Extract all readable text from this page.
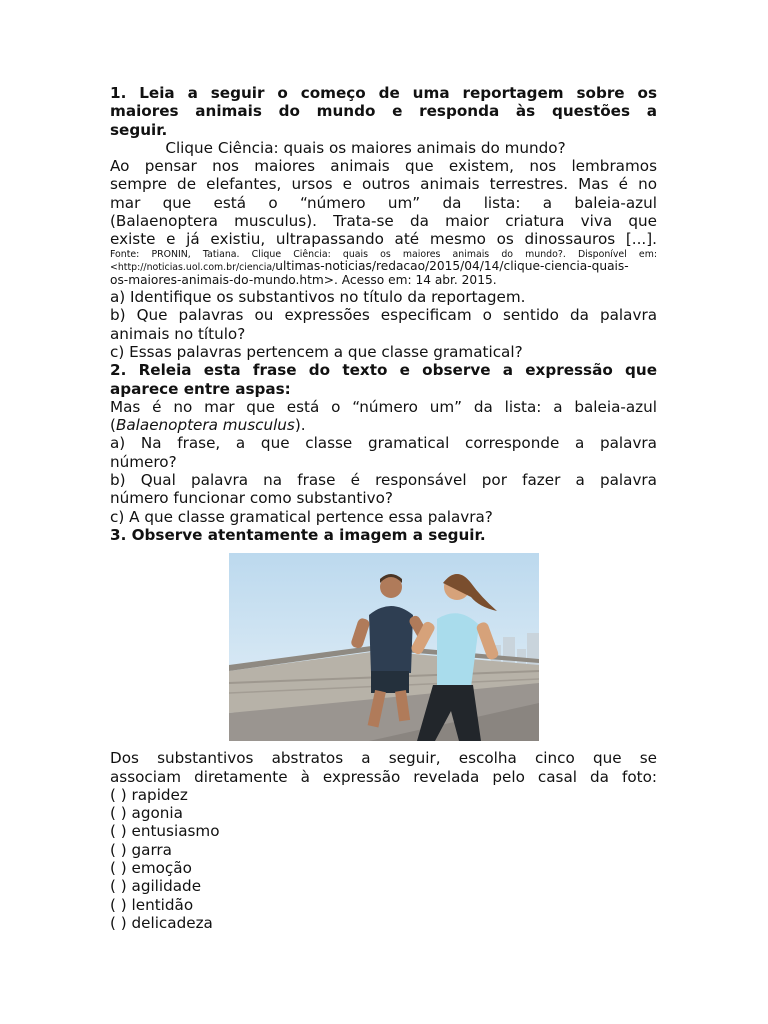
1. Leia a seguir o começo de uma reportagem sobre os

maiores animais do mundo e responda às questões a

seguir.

Clique Ciência: quais os maiores animais do mundo?

Ao pensar nos maiores animais que existem, nos lembramos

sempre de elefantes, ursos e outros animais terrestres. Mas é no

mar que está o “número um” da lista: a baleia-azul

(Balaenoptera musculus). Trata-se da maior criatura viva que

existe e já existiu, ultrapassando até mesmo os dinossauros [...].

Fonte: PRONIN, Tatiana. Clique Ciência: quais os maiores animais do mundo?. Disponível em:

<http://noticias.uol.com.br/ciencia/ultimas-noticias/redacao/2015/04/14/clique-ciencia-quais-

os-maiores-animais-do-mundo.htm>. Acesso em: 14 abr. 2015.

a) Identifique os substantivos no título da reportagem.

b) Que palavras ou expressões especificam o sentido da palavra

animais no título?

c) Essas palavras pertencem a que classe gramatical?

2. Releia esta frase do texto e observe a expressão que

aparece entre aspas:

Mas é no mar que está o “número um” da lista: a baleia-azul

(Balaenoptera musculus).

a) Na frase, a que classe gramatical corresponde a palavra

número?

b) Qual palavra na frase é responsável por fazer a palavra

número funcionar como substantivo?

c) A que classe gramatical pertence essa palavra?

3. Observe atentamente a imagem a seguir.

Dos substantivos abstratos a seguir, escolha cinco que se

associam diretamente à expressão revelada pelo casal da foto:

( ) rapidez

( ) agonia

( ) entusiasmo

( ) garra

( ) emoção

( ) agilidade

( ) lentidão

( ) delicadeza
